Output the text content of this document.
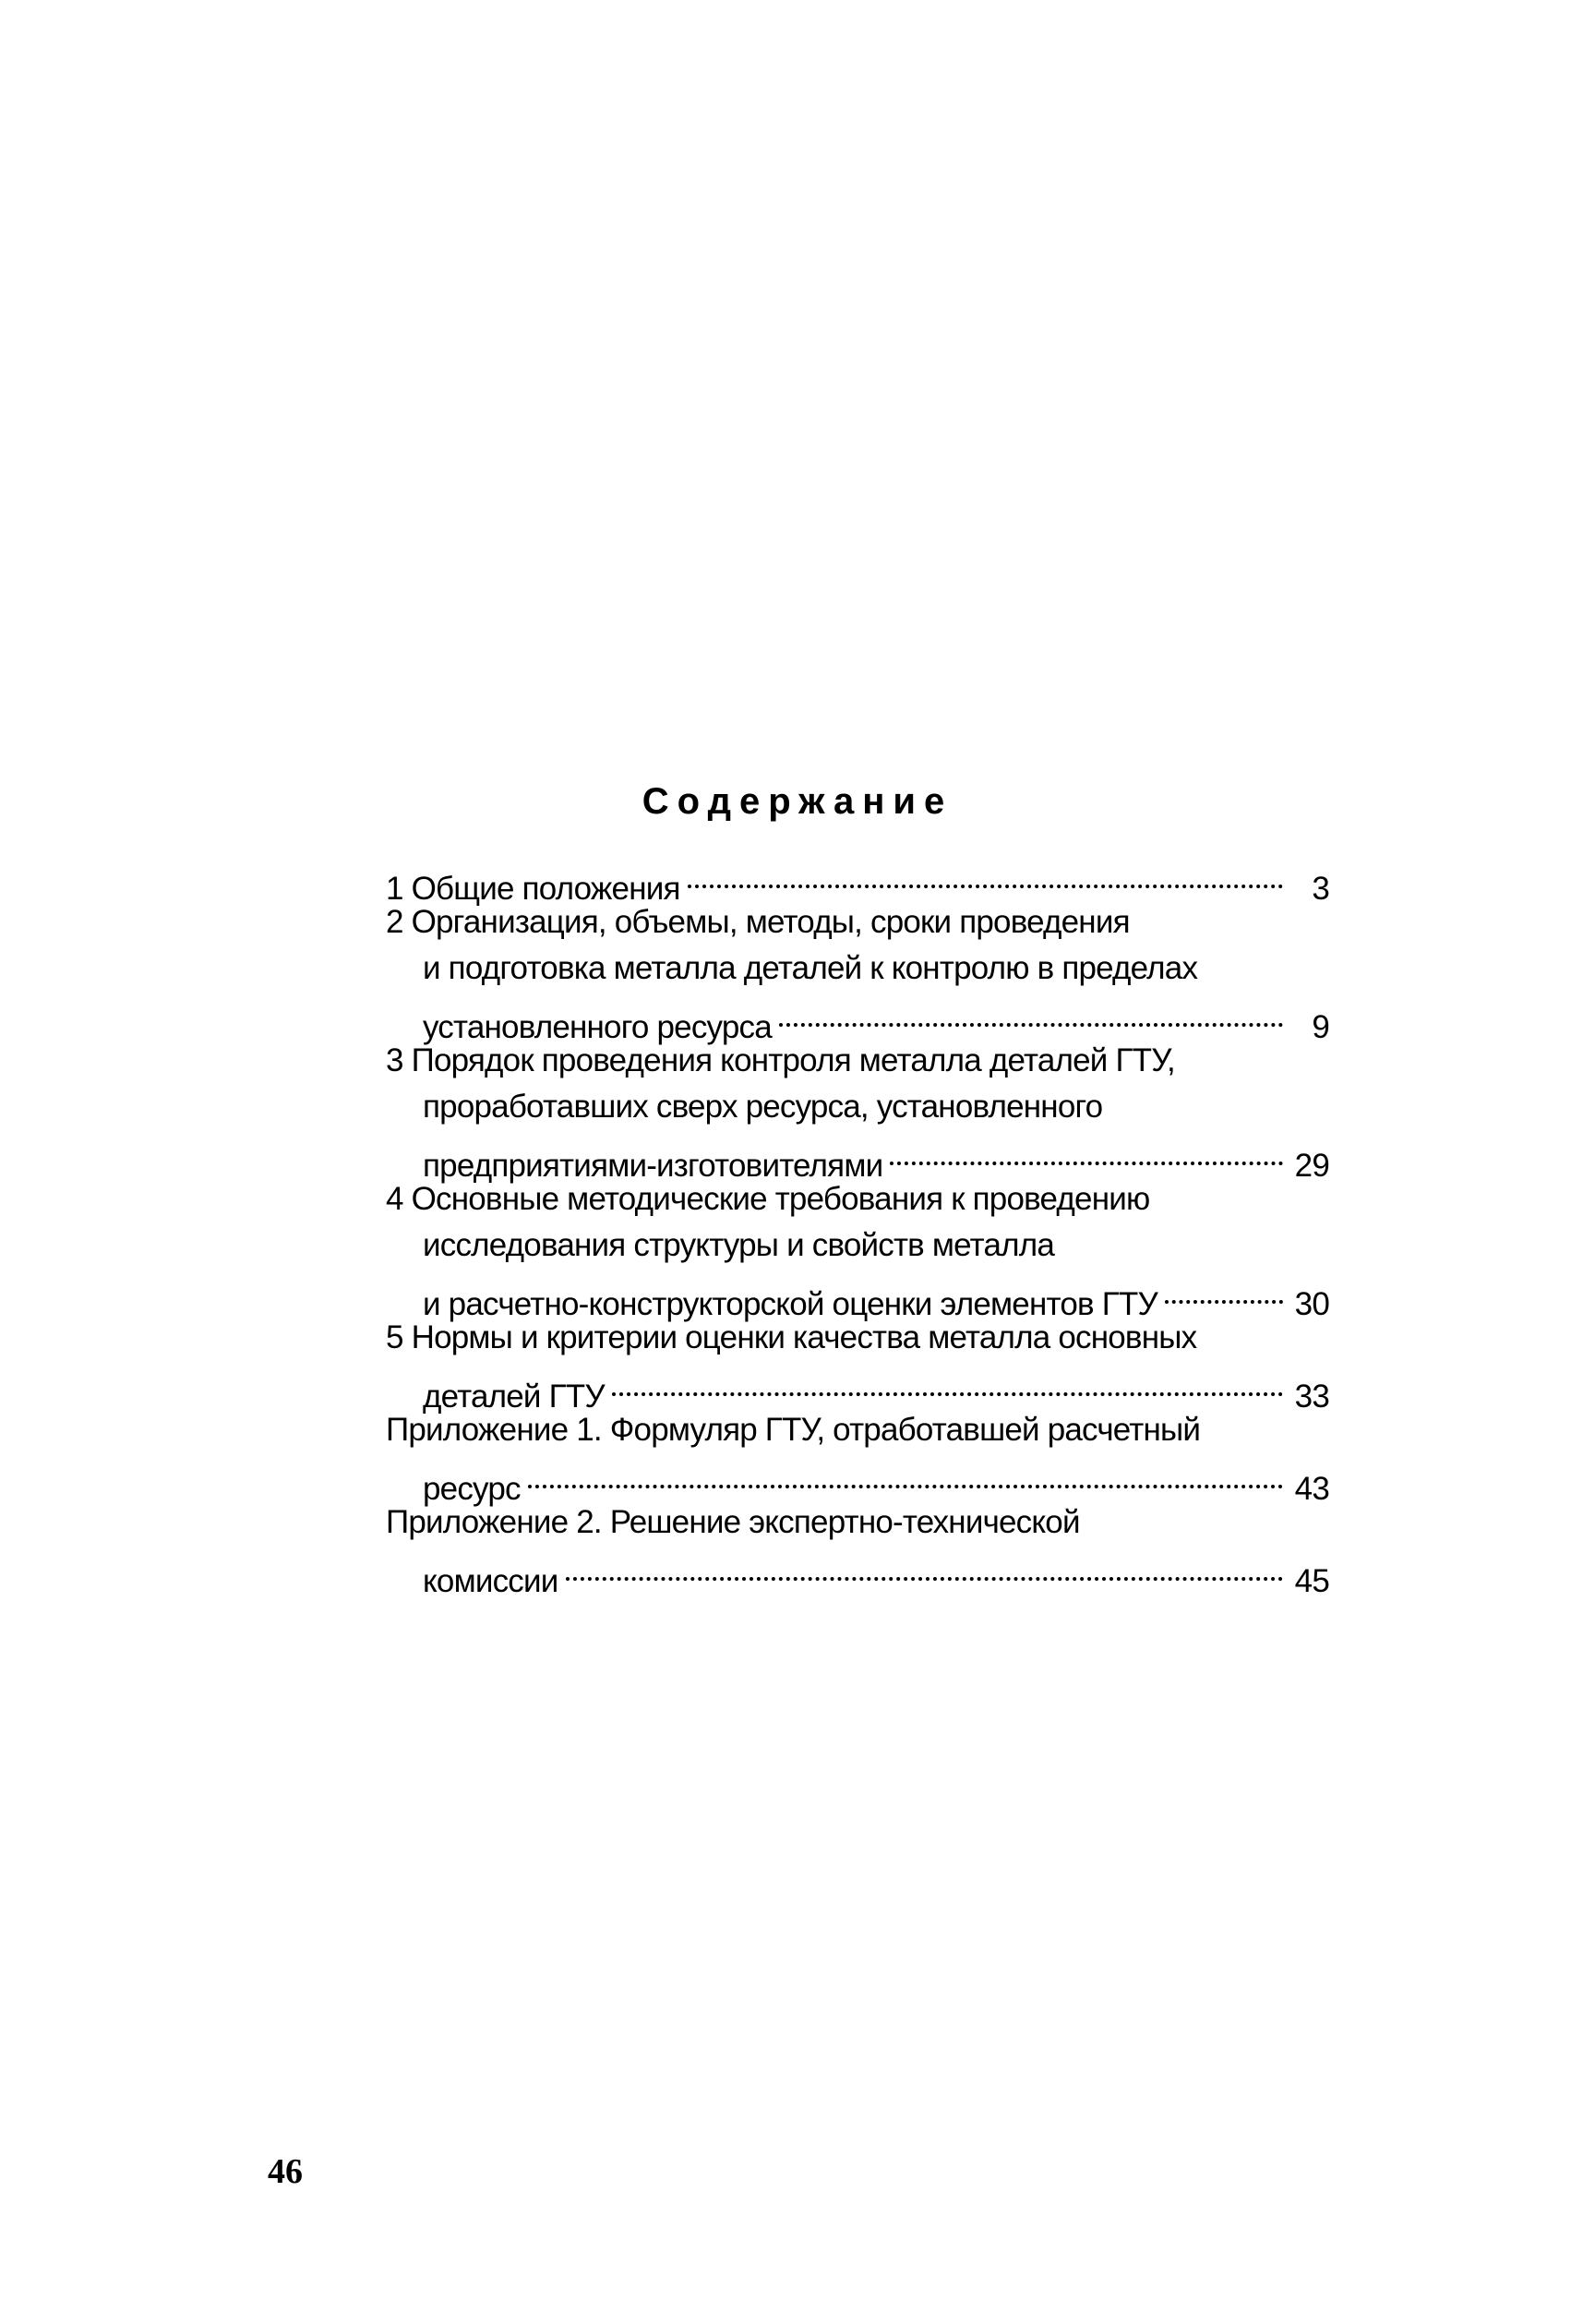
Содержание
1 Общие положения	3
2 Организация, объемы, методы, сроки проведения
и подготовка металла деталей к контролю в пределах
установленного ресурса	9
3 Порядок проведения контроля металла деталей ГТУ,
проработавших сверх ресурса, установленного
предприятиями-изготовителями	29
4 Основные методические требования к проведению
исследования структуры и свойств металла
и расчетно-конструкторской оценки элементов ГТУ	30
5 Нормы и критерии оценки качества металла основных
деталей ГТУ	33
Приложение 1. Формуляр ГТУ, отработавшей расчетный
ресурс	43
Приложение 2. Решение экспертно-технической
комиссии	45

46
